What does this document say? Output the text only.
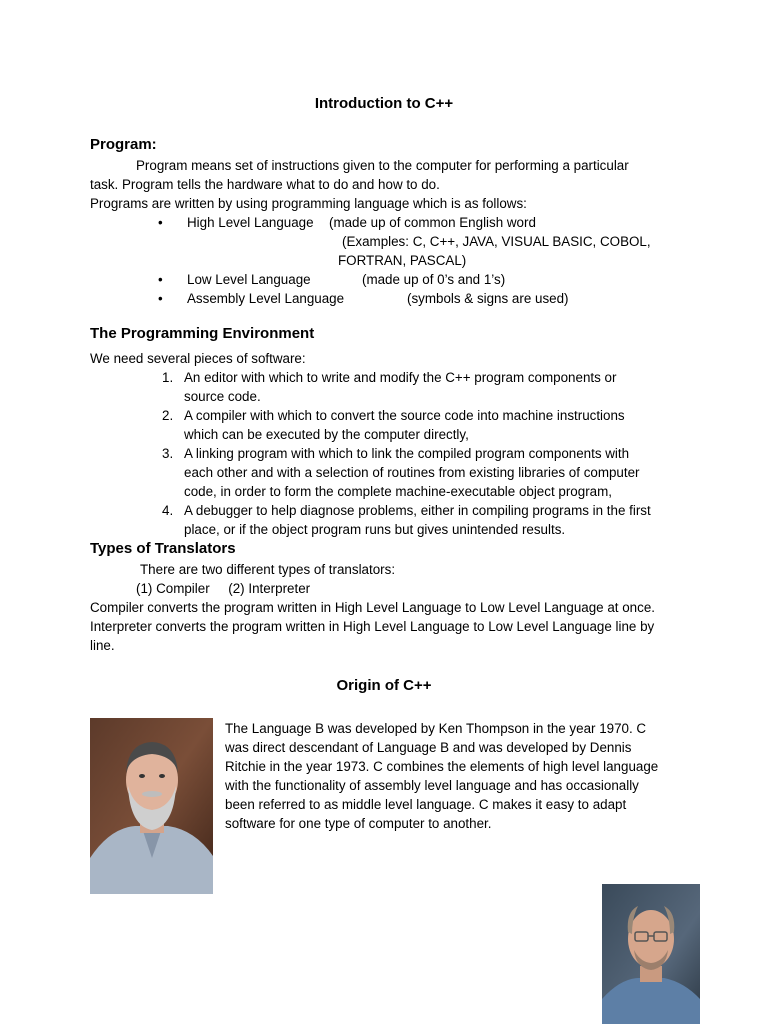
Introduction to C++
Program:
Program means set of instructions given to the computer for performing a particular
task. Program tells the hardware what to do and how to do.
Programs are written by using programming language which is as follows:
• High Level Language (made up of common English word
(Examples: C, C++, JAVA, VISUAL BASIC, COBOL,
FORTRAN, PASCAL)
• Low Level Language	(made up of 0’s and 1’s)
• Assembly Level Language	(symbols & signs are used)
The Programming Environment
We need several pieces of software:
1. An editor with which to write and modify the C++ program components or
source code.
2. A compiler with which to convert the source code into machine instructions
which can be executed by the computer directly,
3. A linking program with which to link the compiled program components with
each other and with a selection of routines from existing libraries of computer
code, in order to form the complete machine-executable object program,
4. A debugger to help diagnose problems, either in compiling programs in the first
place, or if the object program runs but gives unintended results.
Types of Translators
There are two different types of translators:
(1) Compiler     (2) Interpreter
Compiler converts the program written in High Level Language to Low Level Language at once.
Interpreter converts the program written in High Level Language to Low Level Language line by
line.
Origin of C++
The Language B was developed by Ken Thompson in the year 1970. C
was direct descendant of Language B and was developed by Dennis
Ritchie in the year 1973. C combines the elements of high level language
with the functionality of assembly level language and has occasionally
been referred to as middle level language. C makes it easy to adapt
software for one type of computer to another.
